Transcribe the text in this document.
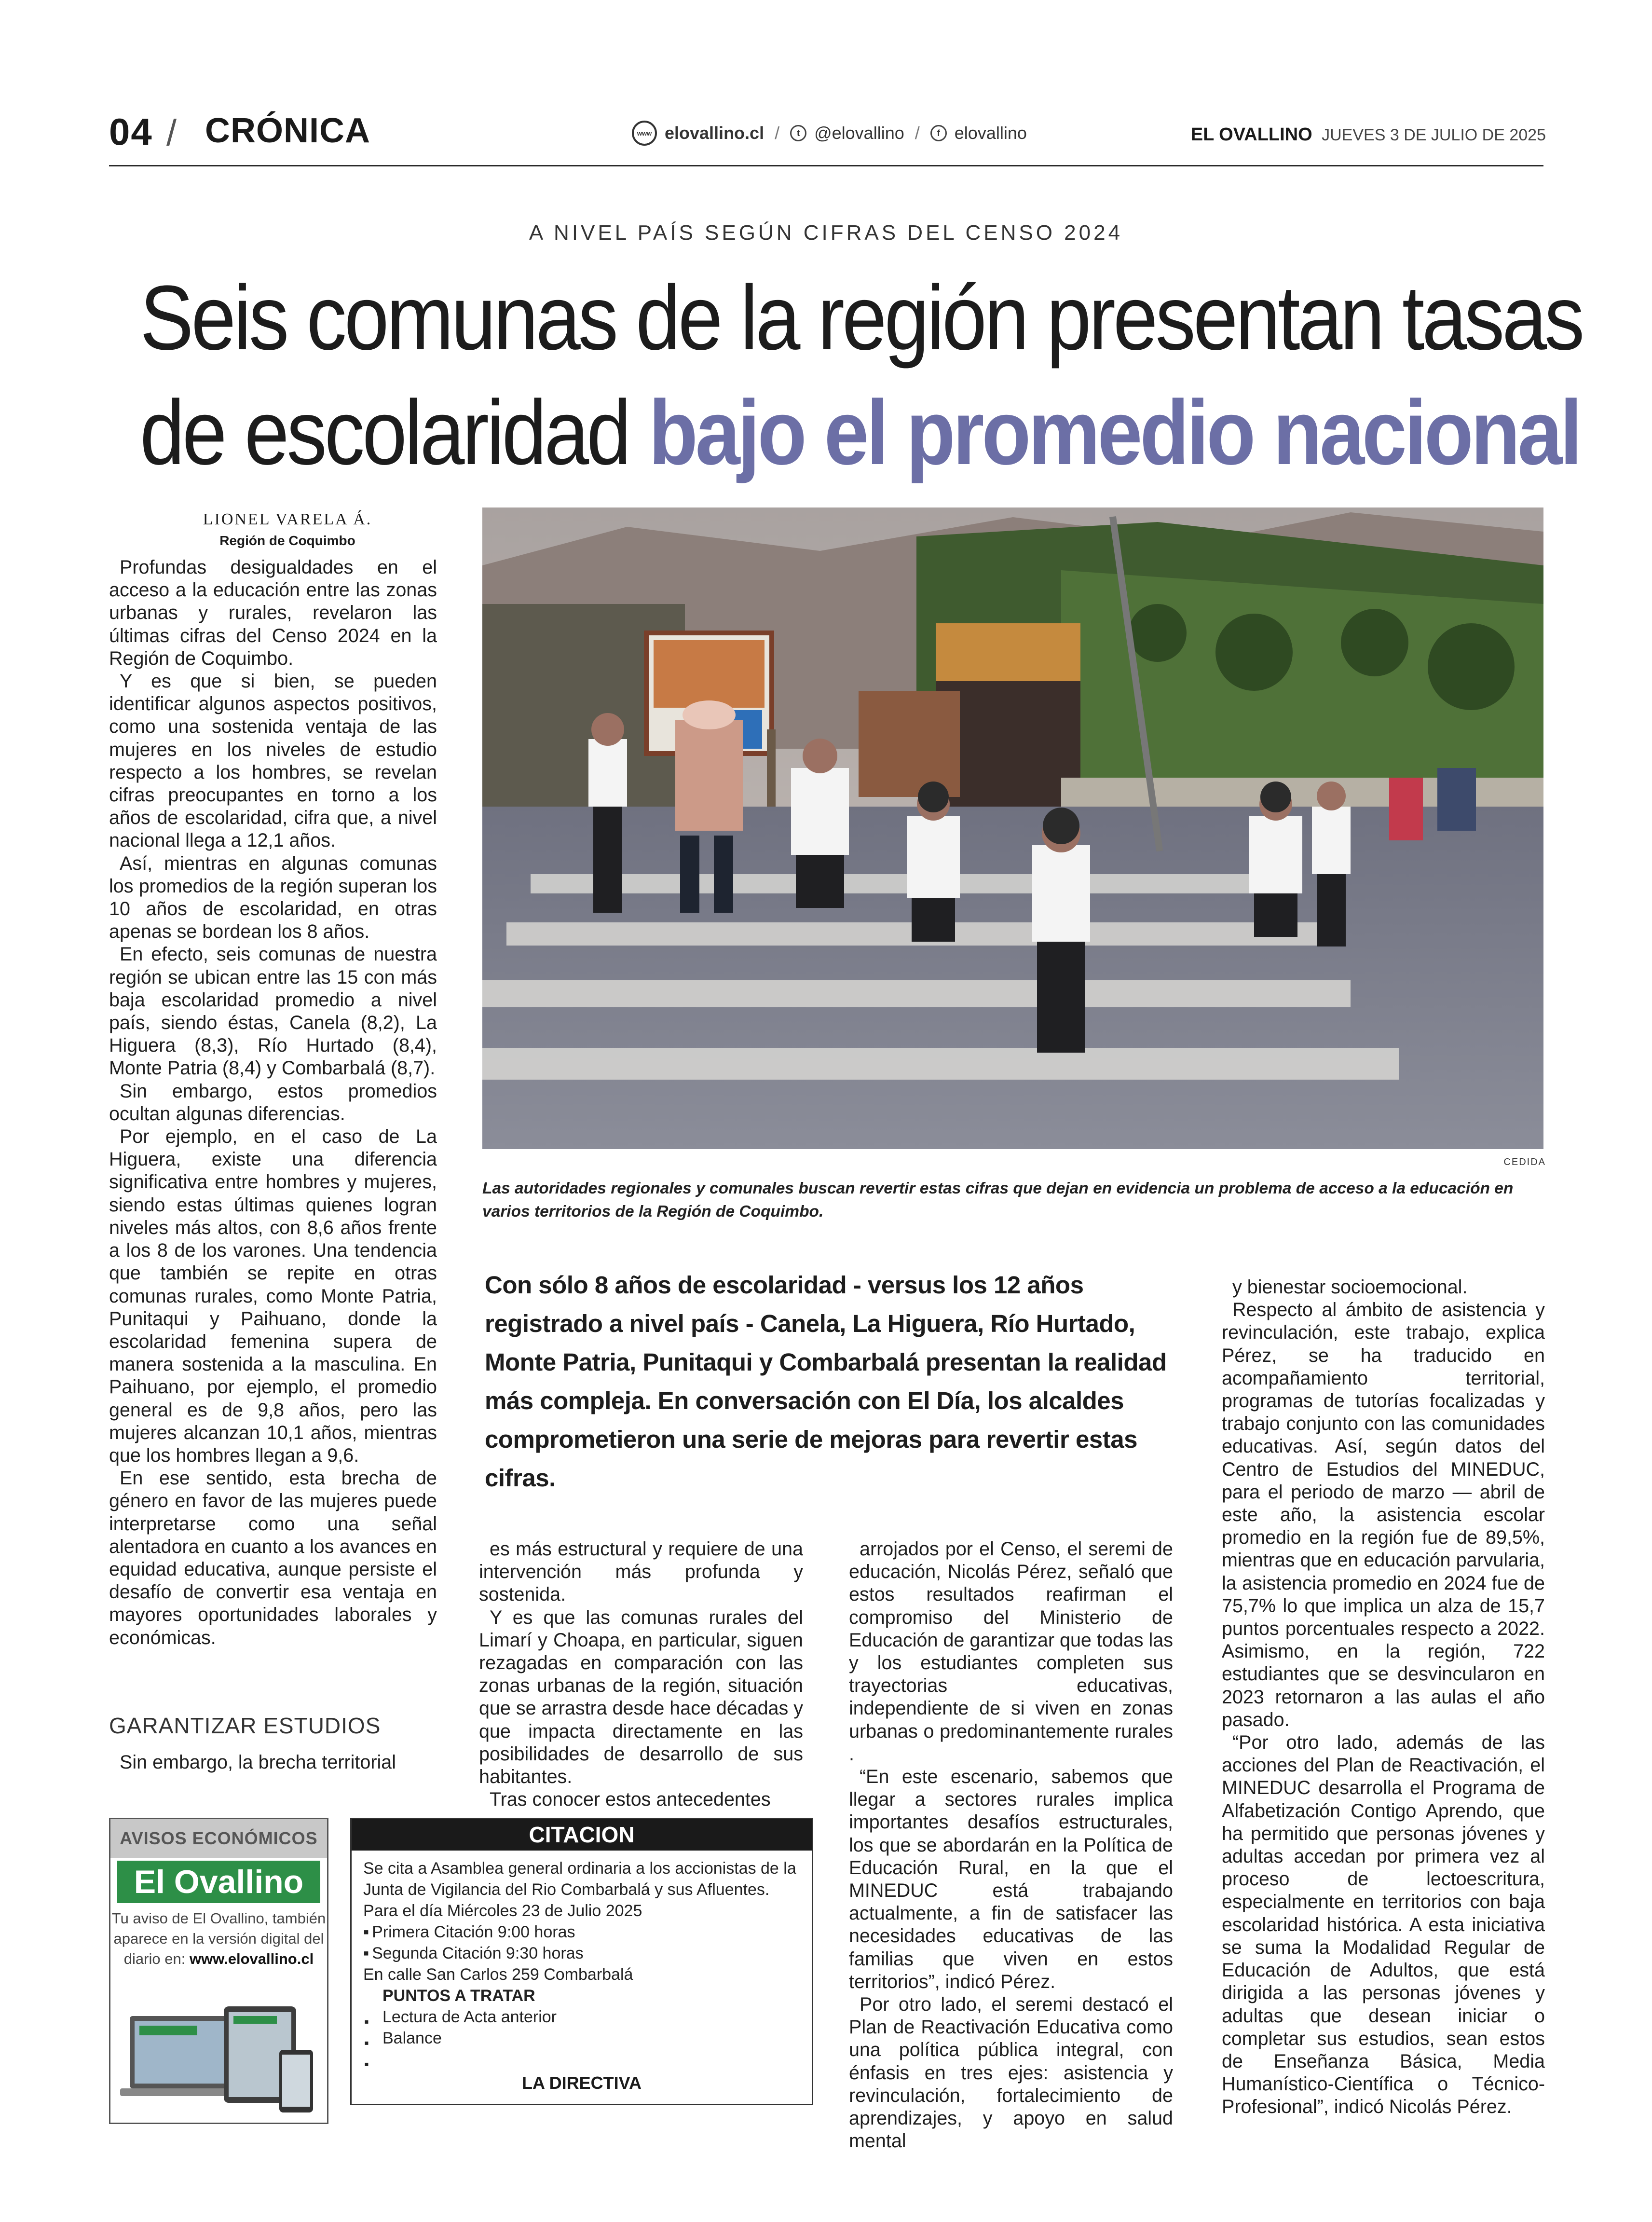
04 / CRÓNICA	www elovallino.cl /	t @elovallino /	f elovallino	EL OVALLINO JUEVES 3 DE JULIO DE 2025
A NIVEL PAÍS SEGÚN CIFRAS DEL CENSO 2024
Seis comunas de la región presentan tasas
de escolaridad bajo el promedio nacional
LIONEL VARELA Á.
Región de Coquimbo

Profundas desigualdades en el acceso a la educación entre las zonas urbanas y rurales, revelaron las últimas cifras del Censo 2024 en la Región de Coquimbo.

Y es que si bien, se pueden identificar algunos aspectos positivos, como una sostenida ventaja de las mujeres en los niveles de estudio respecto a los hombres, se revelan cifras preocupantes en torno a los años de escolaridad, cifra que, a nivel nacional llega a 12,1 años.

Así, mientras en algunas comunas los promedios de la región superan los 10 años de escolaridad, en otras apenas se bordean los 8 años.

En efecto, seis comunas de nuestra región se ubican entre las 15 con más baja escolaridad promedio a nivel país, siendo éstas, Canela (8,2), La Higuera (8,3), Río Hurtado (8,4), Monte Patria (8,4) y Combarbalá (8,7).

Sin embargo, estos promedios ocultan algunas diferencias.

Por ejemplo, en el caso de La Higuera, existe una diferencia significativa entre hombres y mujeres, siendo estas últimas quienes logran niveles más altos, con 8,6 años frente a los 8 de los varones. Una tendencia que también se repite en otras comunas rurales, como Monte Patria, Punitaqui y Paihuano, donde la escolaridad femenina supera de manera sostenida a la masculina. En Paihuano, por ejemplo, el promedio general es de 9,8 años, pero las mujeres alcanzan 10,1 años, mientras que los hombres llegan a 9,6.

En ese sentido, esta brecha de género en favor de las mujeres puede interpretarse como una señal alentadora en cuanto a los avances en equidad educativa, aunque persiste el desafío de convertir esa ventaja en mayores oportunidades laborales y económicas.

GARANTIZAR ESTUDIOS

Sin embargo, la brecha territorial

CEDIDA
Las autoridades regionales y comunales buscan revertir estas cifras que dejan en evidencia un problema de acceso a la educación en varios territorios de la Región de Coquimbo.
Con sólo 8 años de escolaridad - versus los 12 años registrado a nivel país - Canela, La Higuera, Río Hurtado, Monte Patria, Punitaqui y Combarbalá presentan la realidad más compleja. En conversación con El Día, los alcaldes comprometieron una serie de mejoras para revertir estas cifras.

es más estructural y requiere de una intervención más profunda y sostenida.

Y es que las comunas rurales del Limarí y Choapa, en particular, siguen rezagadas en comparación con las zonas urbanas de la región, situación que se arrastra desde hace décadas y que impacta directamente en las posibilidades de desarrollo de sus habitantes.

Tras conocer estos antecedentes

arrojados por el Censo, el seremi de educación, Nicolás Pérez, señaló que estos resultados reafirman el compromiso del Ministerio de Educación de garantizar que todas las y los estudiantes completen sus trayectorias educativas, independiente de si viven en zonas urbanas o predominantemente rurales .

“En este escenario, sabemos que llegar a sectores rurales implica importantes desafíos estructurales, los que se abordarán en la Política de Educación Rural, en la que el MINEDUC está trabajando actualmente, a fin de satisfacer las necesidades educativas de las familias que viven en estos territorios”, indicó Pérez.

Por otro lado, el seremi destacó el Plan de Reactivación Educativa como una política pública integral, con énfasis en tres ejes: asistencia y revinculación, fortalecimiento de aprendizajes, y apoyo en salud mental

y bienestar socioemocional.

Respecto al ámbito de asistencia y revinculación, este trabajo, explica Pérez, se ha traducido en acompañamiento territorial, programas de tutorías focalizadas y trabajo conjunto con las comunidades educativas. Así, según datos del Centro de Estudios del MINEDUC, para el periodo de marzo — abril de este año, la asistencia escolar promedio en la región fue de 89,5%, mientras que en educación parvularia, la asistencia promedio en 2024 fue de 75,7% lo que implica un alza de 15,7 puntos porcentuales respecto a 2022. Asimismo, en la región, 722 estudiantes que se desvincularon en 2023 retornaron a las aulas el año pasado.

“Por otro lado, además de las acciones del Plan de Reactivación, el MINEDUC desarrolla el Programa de Alfabetización Contigo Aprendo, que ha permitido que personas jóvenes y adultas accedan por primera vez al proceso de lectoescritura, especialmente en territorios con baja escolaridad histórica. A esta iniciativa se suma la Modalidad Regular de Educación de Adultos, que está dirigida a las personas jóvenes y adultas que desean iniciar o completar sus estudios, sean estos de Enseñanza Básica, Media Humanístico-Científica o Técnico-Profesional”, indicó Nicolás Pérez.

AVISOS ECONÓMICOS
El Ovallino
Tu aviso de El Ovallino, también aparece en la versión digital del diario en: www.elovallino.cl
CITACION
Se cita a Asamblea general ordinaria a los accionistas de la Junta de Vigilancia del Rio Combarbalá y sus Afluentes. Para el día Miércoles 23 de Julio 2025
▪ Primera Citación 9:00 horas
▪ Segunda Citación 9:30 horas
En calle San Carlos 259 Combarbalá
PUNTOS A TRATAR
▪ Lectura de Acta anterior
▪ Balance
▪
LA DIRECTIVA
